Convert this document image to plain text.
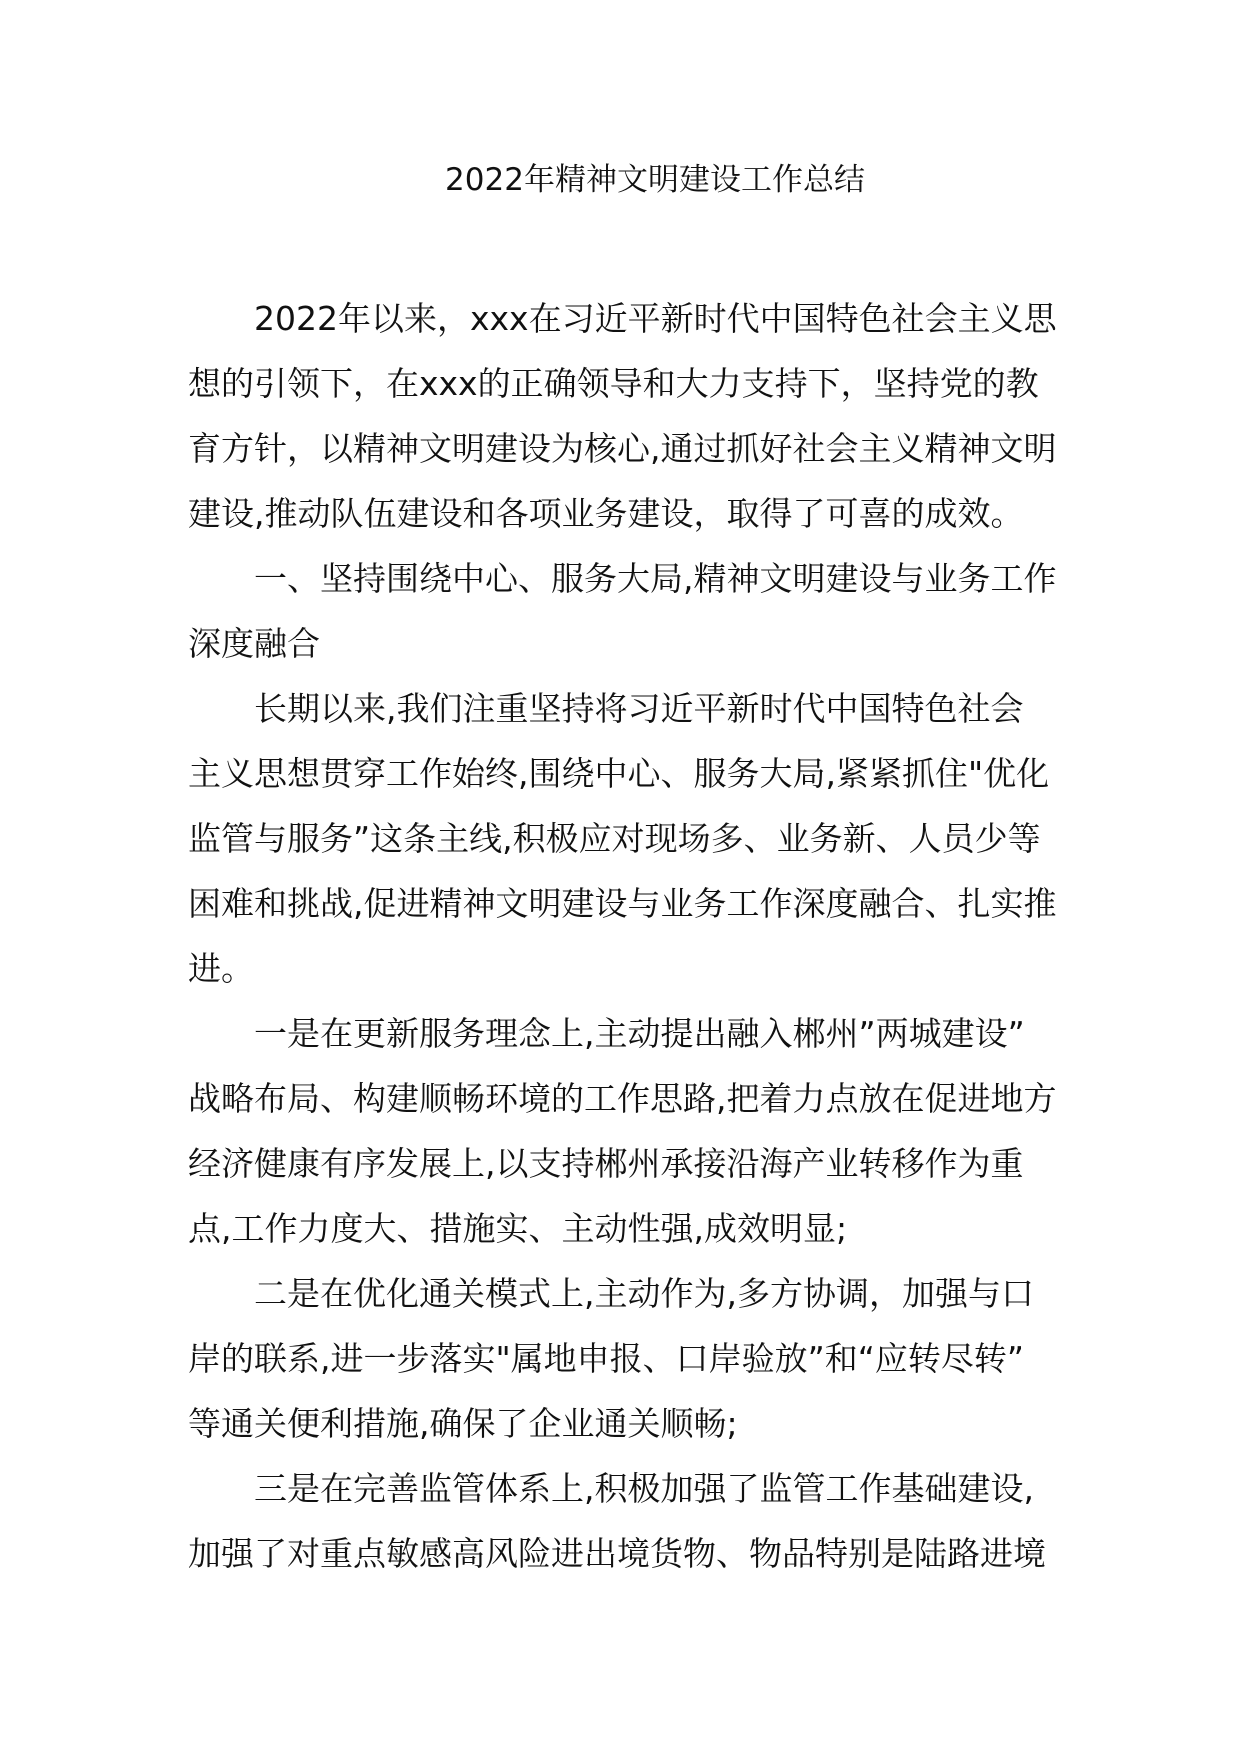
2022年精神文明建设工作总结
2022年以来，xxx在习近平新时代中国特色社会主义思
想的引领下，在xxx的正确领导和大力支持下，坚持党的教
育方针，以精神文明建设为核心,通过抓好社会主义精神文明
建设,推动队伍建设和各项业务建设，取得了可喜的成效。
一、坚持围绕中心、服务大局,精神文明建设与业务工作
深度融合
长期以来,我们注重坚持将习近平新时代中国特色社会
主义思想贯穿工作始终,围绕中心、服务大局,紧紧抓住"优化
监管与服务”这条主线,积极应对现场多、业务新、人员少等
困难和挑战,促进精神文明建设与业务工作深度融合、扎实推
进。
一是在更新服务理念上,主动提出融入郴州”两城建设”
战略布局、构建顺畅环境的工作思路,把着力点放在促进地方
经济健康有序发展上,以支持郴州承接沿海产业转移作为重
点,工作力度大、措施实、主动性强,成效明显;
二是在优化通关模式上,主动作为,多方协调，加强与口
岸的联系,进一步落实"属地申报、口岸验放”和“应转尽转”
等通关便利措施,确保了企业通关顺畅;
三是在完善监管体系上,积极加强了监管工作基础建设,
加强了对重点敏感高风险进出境货物、物品特别是陆路进境
